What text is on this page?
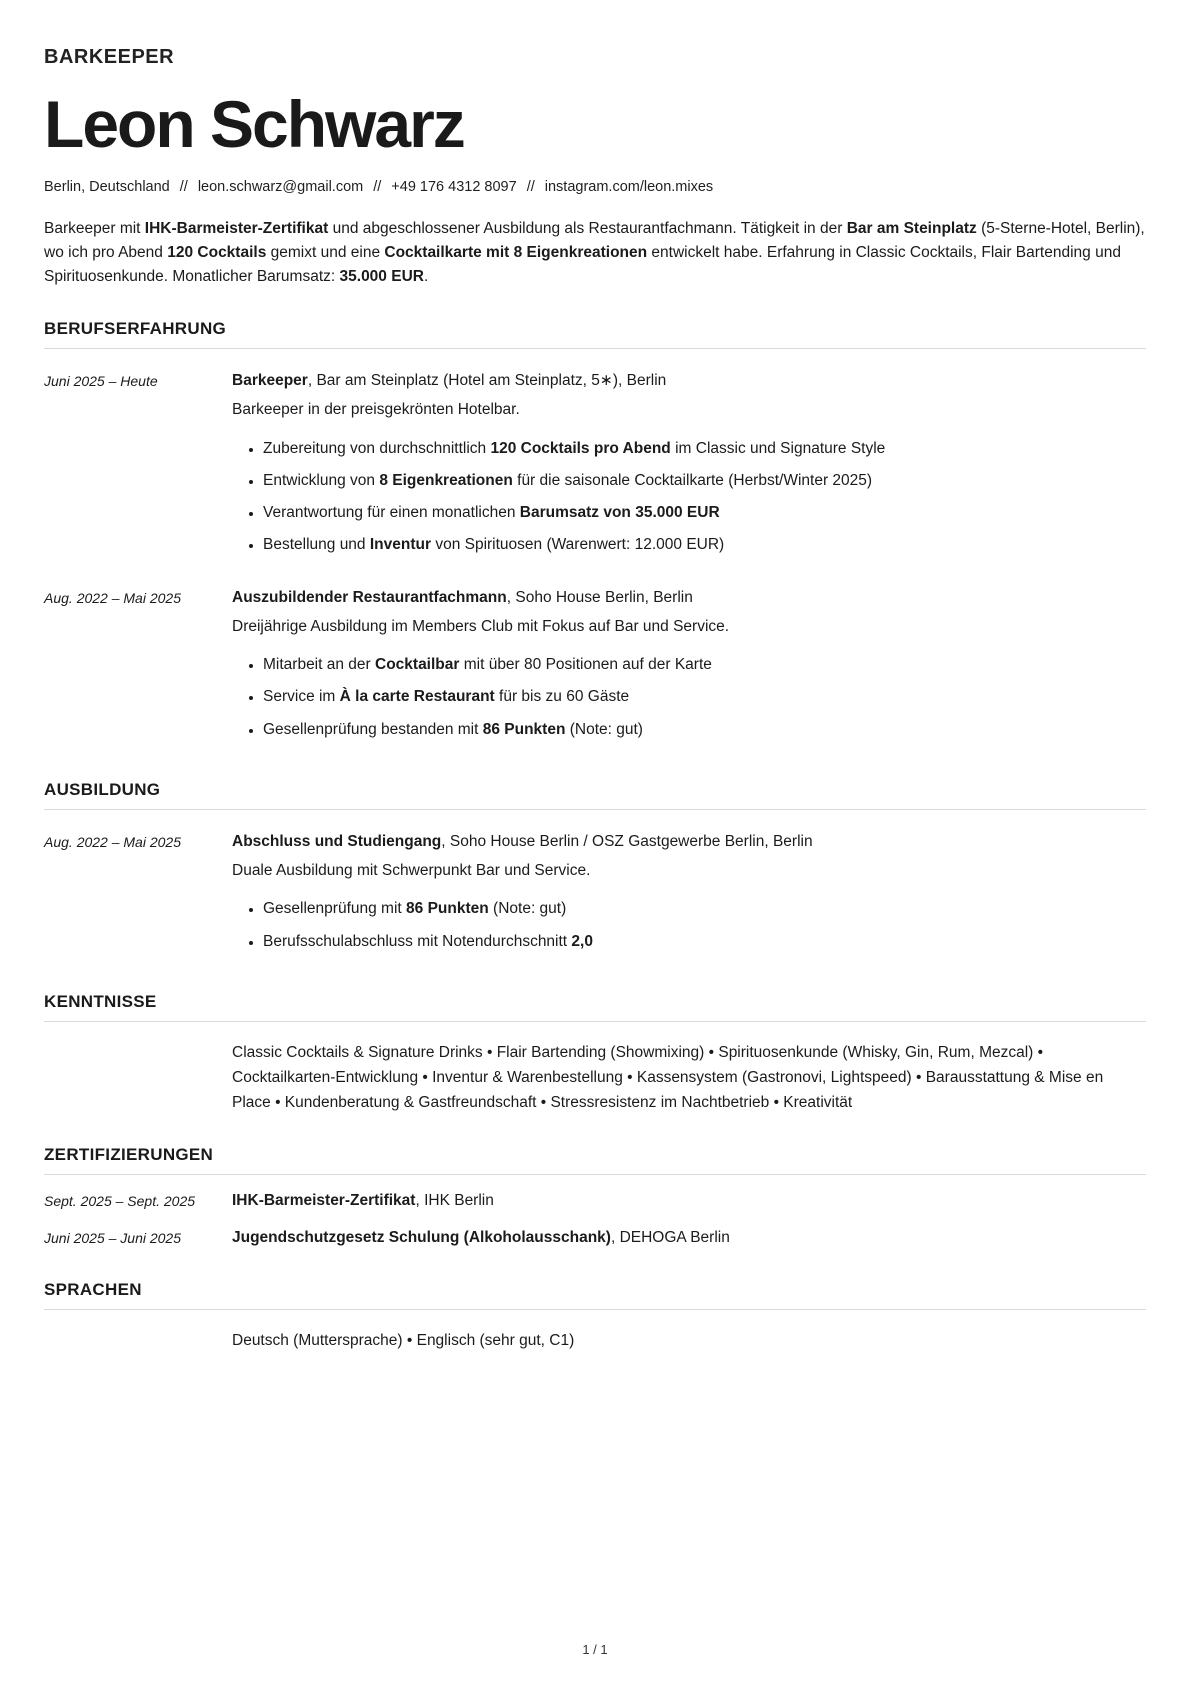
BARKEEPER
Leon Schwarz
Berlin, Deutschland // leon.schwarz@gmail.com // +49 176 4312 8097 // instagram.com/leon.mixes

Barkeeper mit IHK-Barmeister-Zertifikat und abgeschlossener Ausbildung als Restaurantfachmann. Tätigkeit in der Bar am Steinplatz (5-Sterne-Hotel, Berlin), wo ich pro Abend 120 Cocktails gemixt und eine Cocktailkarte mit 8 Eigenkreationen entwickelt habe. Erfahrung in Classic Cocktails, Flair Bartending und Spirituosenkunde. Monatlicher Barumsatz: 35.000 EUR.

BERUFSERFAHRUNG
Juni 2025 – Heute	Barkeeper, Bar am Steinplatz (Hotel am Steinplatz, 5∗), Berlin
Barkeeper in der preisgekrönten Hotelbar.
• Zubereitung von durchschnittlich 120 Cocktails pro Abend im Classic und Signature Style
• Entwicklung von 8 Eigenkreationen für die saisonale Cocktailkarte (Herbst/Winter 2025)
• Verantwortung für einen monatlichen Barumsatz von 35.000 EUR
• Bestellung und Inventur von Spirituosen (Warenwert: 12.000 EUR)
Aug. 2022 – Mai 2025	Auszubildender Restaurantfachmann, Soho House Berlin, Berlin
Dreijährige Ausbildung im Members Club mit Fokus auf Bar und Service.
• Mitarbeit an der Cocktailbar mit über 80 Positionen auf der Karte
• Service im À la carte Restaurant für bis zu 60 Gäste
• Gesellenprüfung bestanden mit 86 Punkten (Note: gut)
AUSBILDUNG
Aug. 2022 – Mai 2025	Abschluss und Studiengang, Soho House Berlin / OSZ Gastgewerbe Berlin, Berlin
Duale Ausbildung mit Schwerpunkt Bar und Service.
• Gesellenprüfung mit 86 Punkten (Note: gut)
• Berufsschulabschluss mit Notendurchschnitt 2,0
KENNTNISSE
Classic Cocktails & Signature Drinks • Flair Bartending (Showmixing) • Spirituosenkunde (Whisky, Gin, Rum, Mezcal) • Cocktailkarten-Entwicklung • Inventur & Warenbestellung • Kassensystem (Gastronovi, Lightspeed) • Barausstattung & Mise en Place • Kundenberatung & Gastfreundschaft • Stressresistenz im Nachtbetrieb • Kreativität
ZERTIFIZIERUNGEN
Sept. 2025 – Sept. 2025	IHK-Barmeister-Zertifikat, IHK Berlin
Juni 2025 – Juni 2025	Jugendschutzgesetz Schulung (Alkoholausschank), DEHOGA Berlin
SPRACHEN
Deutsch (Muttersprache) • Englisch (sehr gut, C1)
1 / 1
